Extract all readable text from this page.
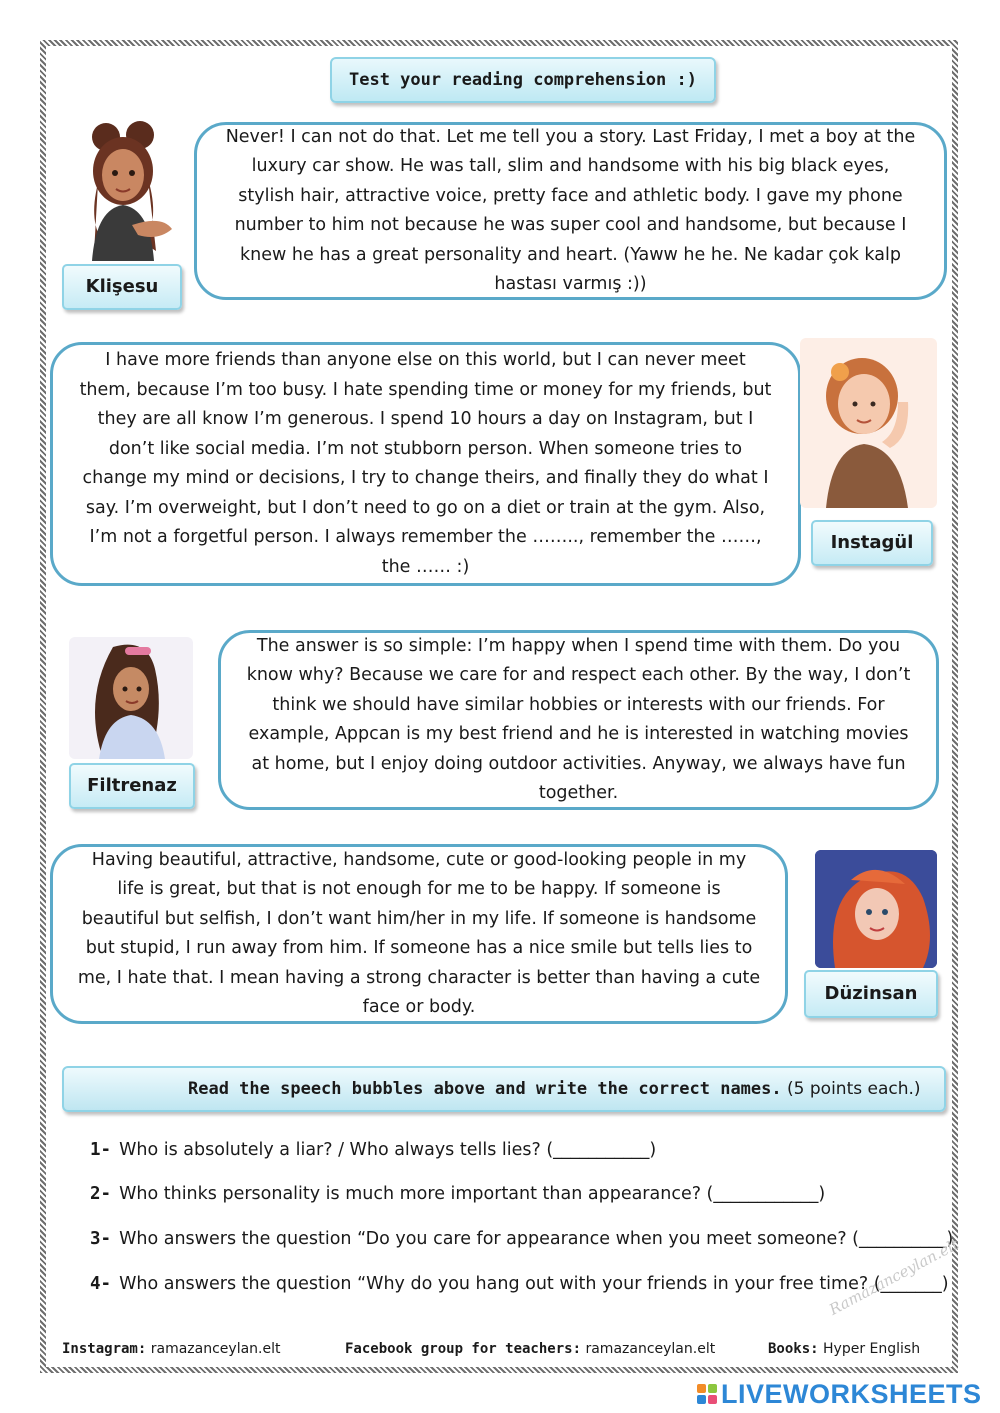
Test your reading comprehension :)
Klişesu
Never! I can not do that. Let me tell you a story. Last Friday, I met a boy at the luxury car show. He was tall, slim and handsome with his big black eyes, stylish hair, attractive voice, pretty face and athletic body. I gave my phone number to him not because he was super cool and handsome, but because I knew he has a great personality and heart. (Yaww he he. Ne kadar çok kalp hastası varmış :))
I have more friends than anyone else on this world, but I can never meet them, because I’m too busy. I hate spending time or money for my friends, but they are all know I’m generous. I spend 10 hours a day on Instagram, but I don’t like social media. I’m not stubborn person. When someone tries to change my mind or decisions, I try to change theirs, and finally they do what I say. I’m overweight, but I don’t need to go on a diet or train at the gym. Also, I’m not a forgetful person. I always remember the …….., remember the ……, the …… :)
Instagül
Filtrenaz
The answer is so simple: I’m happy when I spend time with them. Do you know why? Because we care for and respect each other. By the way, I don’t think we should have similar hobbies or interests with our friends. For example, Appcan is my best friend and he is interested in watching movies at home, but I enjoy doing outdoor activities. Anyway, we always have fun together.
Having beautiful, attractive, handsome, cute or good-looking people in my life is great, but that is not enough for me to be happy. If someone is beautiful but selfish, I don’t want him/her in my life. If someone is handsome but stupid, I run away from him. If someone has a nice smile but tells lies to me, I hate that. I mean having a strong character is better than having a cute face or body.
Düzinsan
Read the speech bubbles above and write the correct names. (5 points each.)
1- Who is absolutely a liar? / Who always tells lies? (___________)
2- Who thinks personality is much more important than appearance? (____________)
3- Who answers the question “Do you care for appearance when you meet someone? (__________)
4- Who answers the question “Why do you hang out with your friends in your free time? (_______)
Ramazanceylan.elt
Instagram: ramazanceylan.elt	Facebook group for teachers: ramazanceylan.elt	Books: Hyper English
LIVEWORKSHEETS
